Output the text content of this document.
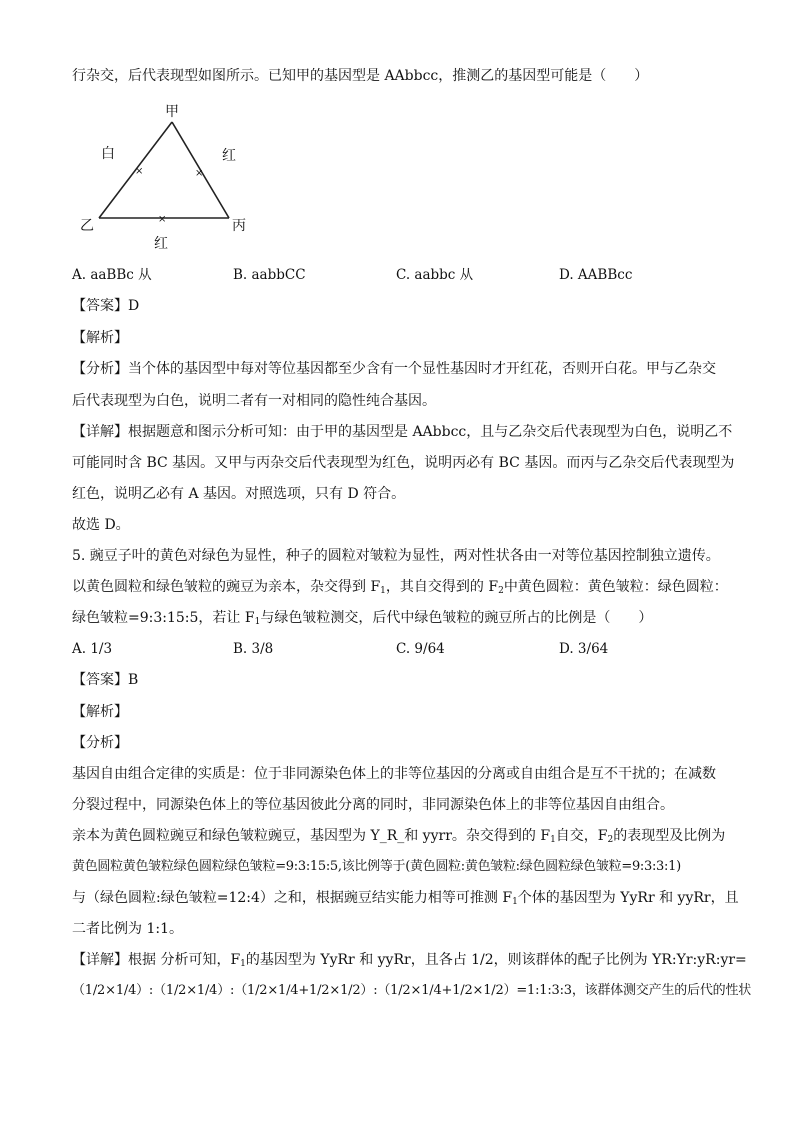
行杂交，后代表现型如图所示。已知甲的基因型是 AAbbcc，推测乙的基因型可能是（　　）
甲
乙	丙
白	红
红
×	×
×
A. aaBBc 从	B. aabbCC	C. aabbc 从	D. AABBcc
【答案】D
【解析】
【分析】当个体的基因型中每对等位基因都至少含有一个显性基因时才开红花，否则开白花。甲与乙杂交
后代表现型为白色，说明二者有一对相同的隐性纯合基因。
【详解】根据题意和图示分析可知：由于甲的基因型是 AAbbcc，且与乙杂交后代表现型为白色，说明乙不
可能同时含 BC 基因。又甲与丙杂交后代表现型为红色，说明丙必有 BC 基因。而丙与乙杂交后代表现型为
红色，说明乙必有 A 基因。对照选项，只有 D 符合。
故选 D。
5. 豌豆子叶的黄色对绿色为显性，种子的圆粒对皱粒为显性，两对性状各由一对等位基因控制独立遗传。
以黄色圆粒和绿色皱粒的豌豆为亲本，杂交得到 $F_1$，其自交得到的 $F_2$中黄色圆粒：黄色皱粒：绿色圆粒：
绿色皱粒=9:3:15:5，若让 $F_1$与绿色皱粒测交，后代中绿色皱粒的豌豆所占的比例是（　　）
A. 1/3	B. 3/8	C. 9/64	D. 3/64
【答案】B
【解析】
【分析】
基因自由组合定律的实质是：位于非同源染色体上的非等位基因的分离或自由组合是互不干扰的；在减数
分裂过程中，同源染色体上的等位基因彼此分离的同时，非同源染色体上的非等位基因自由组合。
亲本为黄色圆粒豌豆和绿色皱粒豌豆，基因型为 Y_R_和 yyrr。杂交得到的 $F_1$自交，$F_2$的表现型及比例为
黄色圆粒黄色皱粒绿色圆粒绿色皱粒=9:3:15:5,该比例等于(黄色圆粒:黄色皱粒:绿色圆粒绿色皱粒=9:3:3:1)
与（绿色圆粒:绿色皱粒=12:4）之和，根据豌豆结实能力相等可推测 $F_1$个体的基因型为 YyRr 和 yyRr，且
二者比例为 1:1。
【详解】根据 分析可知，$F_1$的基因型为 YyRr 和 yyRr，且各占 1/2，则该群体的配子比例为 YR:Yr:yR:yr=
（1/2×1/4）:（1/2×1/4）:（1/2×1/4+1/2×1/2）:（1/2×1/4+1/2×1/2）=1:1:3:3，该群体测交产生的后代的性状
